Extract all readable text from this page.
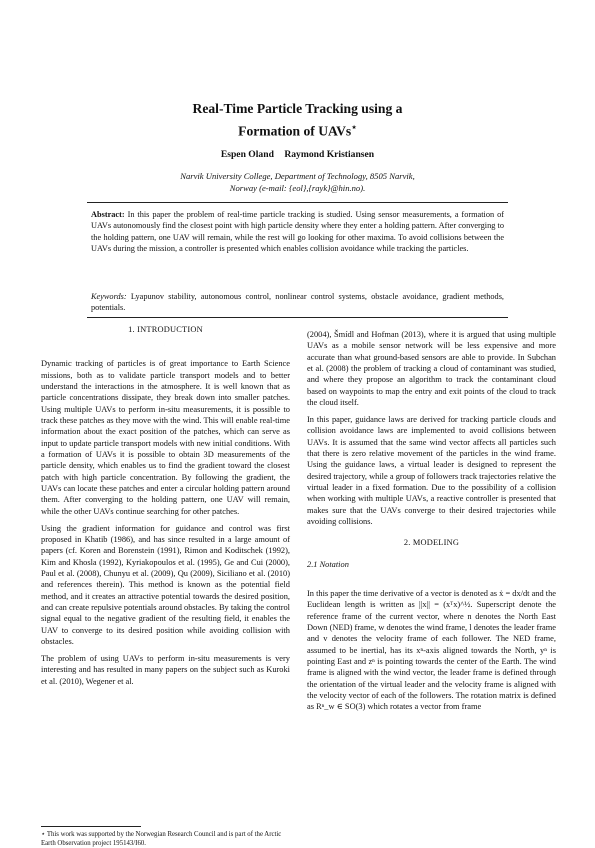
Real-Time Particle Tracking using a
Formation of UAVs⋆
Espen Oland Raymond Kristiansen
Narvik University College, Department of Technology, 8505 Narvik,
Norway (e-mail: {eol},{rayk}@hin.no).
Abstract: In this paper the problem of real-time particle tracking is studied. Using sensor measurements, a formation of UAVs autonomously find the closest point with high particle density where they enter a holding pattern. After converging to the holding pattern, one UAV will remain, while the rest will go looking for other maxima. To avoid collisions between the UAVs during the mission, a controller is presented which enables collision avoidance while tracking the particles.
Keywords: Lyapunov stability, autonomous control, nonlinear control systems, obstacle avoidance, gradient methods, potentials.
1. INTRODUCTION

Dynamic tracking of particles is of great importance to Earth Science missions, both as to validate particle transport models and to better understand the interactions in the atmosphere. It is well known that as particle concentrations dissipate, they break down into smaller patches. Using multiple UAVs to perform in-situ measurements, it is possible to track these patches as they move with the wind. This will enable real-time information about the exact position of the patches, which can serve as input to update particle transport models with new initial conditions. With a formation of UAVs it is possible to obtain 3D measurements of the particle density, which enables us to find the gradient toward the closest patch with high particle concentration. By following the gradient, the UAVs can locate these patches and enter a circular holding pattern around them. After converging to the holding pattern, one UAV will remain, while the other UAVs continue searching for other patches.

Using the gradient information for guidance and control was first proposed in Khatib (1986), and has since resulted in a large amount of papers (cf. Koren and Borenstein (1991), Rimon and Koditschek (1992), Kim and Khosla (1992), Kyriakopoulos et al. (1995), Ge and Cui (2000), Paul et al. (2008), Chunyu et al. (2009), Qu (2009), Siciliano et al. (2010) and references therein). This method is known as the potential field method, and it creates an attractive potential towards the desired position, and can create repulsive potentials around obstacles. By taking the control signal equal to the negative gradient of the resulting field, it enables the UAV to converge to its desired position while avoiding collision with obstacles.

The problem of using UAVs to perform in-situ measurements is very interesting and has resulted in many papers on the subject such as Kuroki et al. (2010), Wegener et al.

(2004), Šmídl and Hofman (2013), where it is argued that using multiple UAVs as a mobile sensor network will be less expensive and more accurate than what ground-based sensors are able to provide. In Subchan et al. (2008) the problem of tracking a cloud of contaminant was studied, and where they propose an algorithm to track the contaminant cloud based on waypoints to map the entry and exit points of the cloud to track the cloud itself.

In this paper, guidance laws are derived for tracking particle clouds and collision avoidance laws are implemented to avoid collisions between UAVs. It is assumed that the same wind vector affects all particles such that there is zero relative movement of the particles in the wind frame. Using the guidance laws, a virtual leader is designed to represent the desired trajectory, while a group of followers track trajectories relative the virtual leader in a fixed formation. Due to the possibility of a collision when working with multiple UAVs, a reactive controller is presented that makes sure that the UAVs converge to their desired trajectories while avoiding collisions.

2. MODELING
2.1 Notation

In this paper the time derivative of a vector is denoted as ẋ = dx/dt and the Euclidean length is written as ||x|| = (xᵀx)^½. Superscript denote the reference frame of the current vector, where n denotes the North East Down (NED) frame, w denotes the wind frame, l denotes the leader frame and v denotes the velocity frame of each follower. The NED frame, assumed to be inertial, has its xⁿ-axis aligned towards the North, yⁿ is pointing East and zⁿ is pointing towards the center of the Earth. The wind frame is aligned with the wind vector, the leader frame is defined through the orientation of the virtual leader and the velocity frame is aligned with the velocity vector of each of the followers. The rotation matrix is defined as Rⁿ_w ∈ SO(3) which rotates a vector from frame

⋆ This work was supported by the Norwegian Research Council and is part of the Arctic Earth Observation project 195143/I60.
